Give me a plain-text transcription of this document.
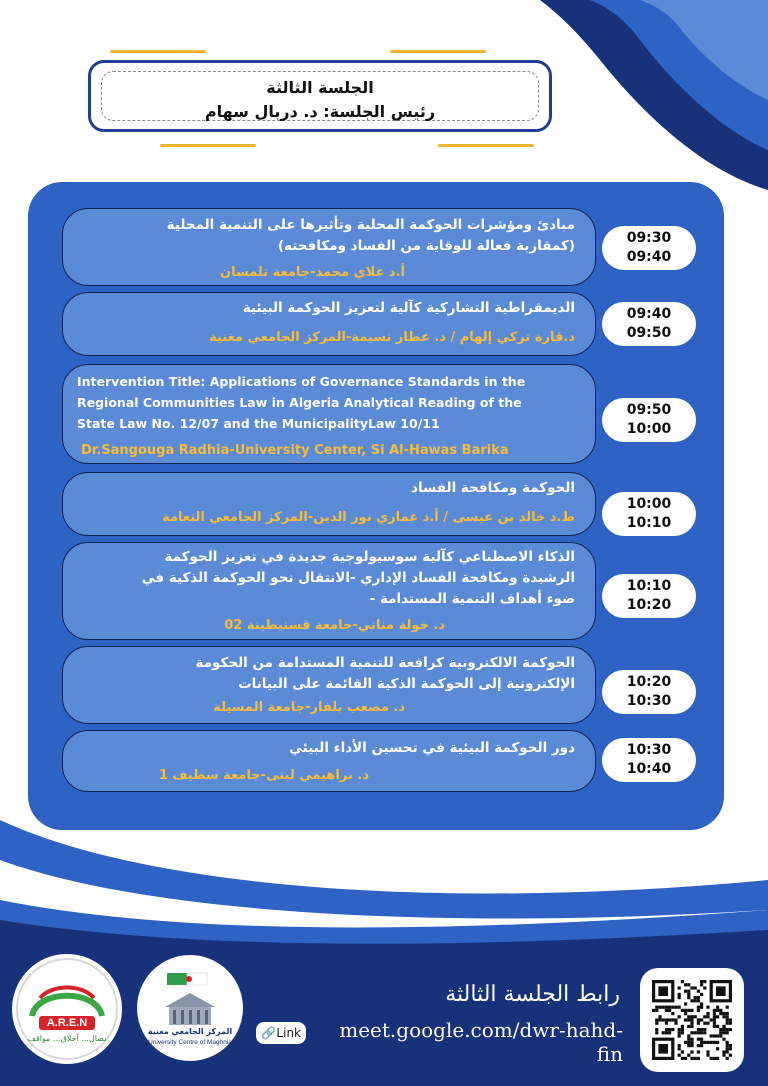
الجلسة الثالثة
رئيس الجلسة: د. دربال سهام
مبادئ ومؤشرات الحوكمة المحلية وتأثيرها على التنمية المحلية
(كمقاربة فعالة للوقاية من الفساد ومكافحته)
أ.د غلاي محمد-جامعة تلمسان
09:30
09:40
الديمقراطية التشاركية كآلية لتعزيز الحوكمة البيئية
د.قارة تركي إلهام / د. عطار نسيمة-المركز الجامعي مغنية
09:40
09:50
Intervention Title: Applications of Governance Standards in the
Regional Communities Law in Algeria Analytical Reading of the
State Law No. 12/07 and the MunicipalityLaw 10/11
Dr.Sangouga Radhia-University Center, Si Al-Hawas Barika
09:50
10:00
الحوكمة ومكافحة الفساد
ط.د خالد بن عيسى / أ.د عماري نور الدين-المركز الجامعي النعامة
10:00
10:10
الذكاء الاصطناعي كآلية سوسيولوجية جديدة في تعزيز الحوكمة
الرشيدة ومكافحة الفساد الإداري -الانتقال نحو الحوكمة الذكية في
ضوء أهداف التنمية المستدامة -
د. خولة مناني-جامعة قسنيطينة 02
10:10
10:20
الحوكمة الالكترونية كرافعة للتنمية المستدامة من الحكومة
الإلكترونية إلى الحوكمة الذكية القائمة على البيانات
د. مصعب بلفار-جامعة المسيلة
10:20
10:30
دور الحوكمة البيئية في تحسين الأداء البيئي
د. براهيمي لبنى-جامعة سطيف 1
10:30
10:40
A.R.E.N
نضال... أخلاق... مواقف
المركز الجامعي مغنية
University Centre of Maghnia
🔗 Link
رابط الجلسة الثالثة
meet.google.com/dwr-hahd-fin
